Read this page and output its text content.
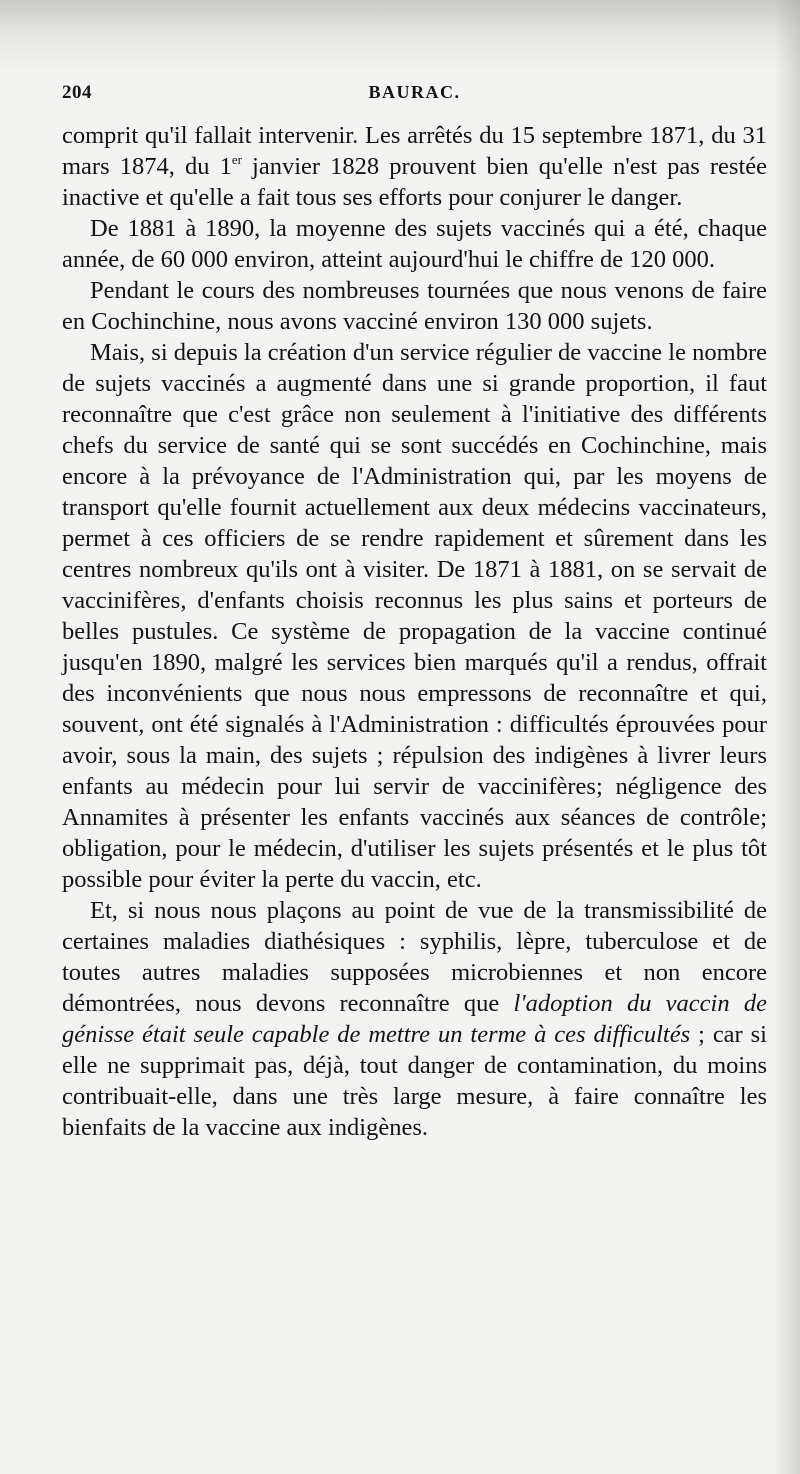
204	BAURAC.

comprit qu'il fallait intervenir. Les arrêtés du 15 septembre 1871, du 31 mars 1874, du 1er janvier 1828 prouvent bien qu'elle n'est pas restée inactive et qu'elle a fait tous ses efforts pour conjurer le danger.

De 1881 à 1890, la moyenne des sujets vaccinés qui a été, chaque année, de 60 000 environ, atteint aujourd'hui le chiffre de 120 000.

Pendant le cours des nombreuses tournées que nous venons de faire en Cochinchine, nous avons vacciné environ 130 000 sujets.

Mais, si depuis la création d'un service régulier de vaccine le nombre de sujets vaccinés a augmenté dans une si grande proportion, il faut reconnaître que c'est grâce non seulement à l'initiative des différents chefs du service de santé qui se sont succédés en Cochinchine, mais encore à la prévoyance de l'Administration qui, par les moyens de transport qu'elle fournit actuellement aux deux médecins vaccinateurs, permet à ces officiers de se rendre rapidement et sûrement dans les centres nombreux qu'ils ont à visiter. De 1871 à 1881, on se servait de vaccinifères, d'enfants choisis reconnus les plus sains et porteurs de belles pustules. Ce système de propagation de la vaccine continué jusqu'en 1890, malgré les services bien marqués qu'il a rendus, offrait des inconvénients que nous nous empressons de reconnaître et qui, souvent, ont été signalés à l'Administration : difficultés éprouvées pour avoir, sous la main, des sujets ; répulsion des indigènes à livrer leurs enfants au médecin pour lui servir de vaccinifères; négligence des Annamites à présenter les enfants vaccinés aux séances de contrôle; obligation, pour le médecin, d'utiliser les sujets présentés et le plus tôt possible pour éviter la perte du vaccin, etc.

Et, si nous nous plaçons au point de vue de la transmissibilité de certaines maladies diathésiques : syphilis, lèpre, tuberculose et de toutes autres maladies supposées microbiennes et non encore démontrées, nous devons reconnaître que l'adoption du vaccin de génisse était seule capable de mettre un terme à ces difficultés ; car si elle ne supprimait pas, déjà, tout danger de contamination, du moins contribuait-elle, dans une très large mesure, à faire connaître les bienfaits de la vaccine aux indigènes.
